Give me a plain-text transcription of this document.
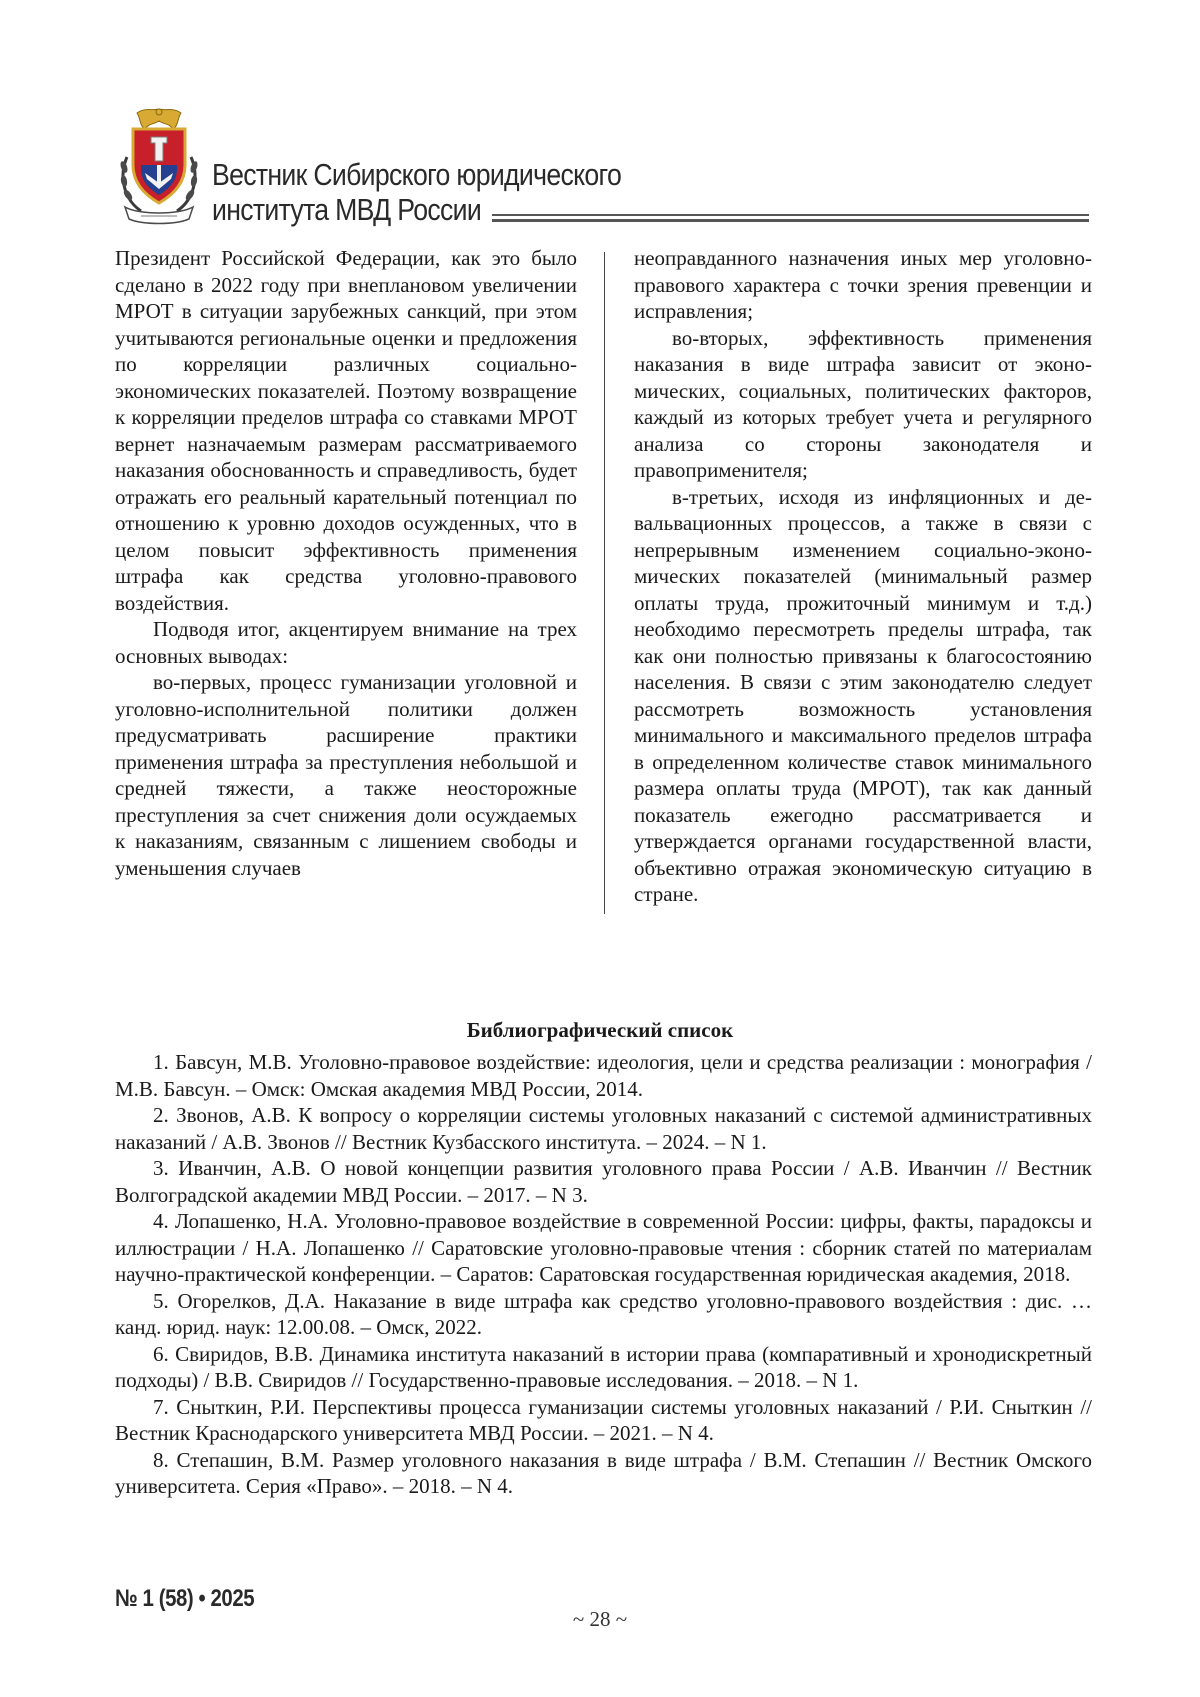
Вестник Сибирского юридического
института МВД России

Президент Российской Федерации, как это было сделано в 2022 году при внеплановом увеличении МРОТ в ситуации зарубежных санкций, при этом учитываются региональные оценки и предложения по корреляции различных социально-экономических показателей. Поэтому возвращение к корреляции пределов штрафа со ставками МРОТ вернет назначаемым размерам рассматриваемого наказания обоснованность и справедливость, будет отражать его реальный карательный потенциал по отношению к уровню доходов осужденных, что в целом повысит эффективность применения штрафа как средства уголовно-правового воздействия.

Подводя итог, акцентируем внимание на трех основных выводах:

во-первых, процесс гуманизации уголовной и уголовно-исполнительной политики должен предусматривать расширение практики применения штрафа за преступления небольшой и средней тяжести, а также неосторожные преступления за счет снижения доли осуждаемых к наказаниям, связанным с лишением свободы и уменьшения случаев

неоправданного назначения иных мер уголовно-правового характера с точки зрения превенции и исправления;

во-вторых, эффективность применения наказания в виде штрафа зависит от экономических, социальных, политических факторов, каждый из которых требует учета и регулярного анализа со стороны законодателя и правоприменителя;

в-третьих, исходя из инфляционных и девальвационных процессов, а также в связи с непрерывным изменением социально-экономических показателей (минимальный размер оплаты труда, прожиточный минимум и т.д.) необходимо пересмотреть пределы штрафа, так как они полностью привязаны к благосостоянию населения. В связи с этим законодателю следует рассмотреть возможность установления минимального и максимального пределов штрафа в определенном количестве ставок минимального размера оплаты труда (МРОТ), так как данный показатель ежегодно рассматривается и утверждается органами государственной власти, объективно отражая экономическую ситуацию в стране.

Библиографический список

1. Бавсун, М.В. Уголовно-правовое воздействие: идеология, цели и средства реализации : монография / М.В. Бавсун. – Омск: Омская академия МВД России, 2014.

2. Звонов, А.В. К вопросу о корреляции системы уголовных наказаний с системой административных наказаний / А.В. Звонов // Вестник Кузбасского института. – 2024. – N 1.

3. Иванчин, А.В. О новой концепции развития уголовного права России / А.В. Иванчин // Вестник Волгоградской академии МВД России. – 2017. – N 3.

4. Лопашенко, Н.А. Уголовно-правовое воздействие в современной России: цифры, факты, парадоксы и иллюстрации / Н.А. Лопашенко // Саратовские уголовно-правовые чтения : сборник статей по материалам научно-практической конференции. – Саратов: Саратовская государственная юридическая академия, 2018.

5. Огорелков, Д.А. Наказание в виде штрафа как средство уголовно-правового воздействия : дис. … канд. юрид. наук: 12.00.08. – Омск, 2022.

6. Свиридов, В.В. Динамика института наказаний в истории права (компаративный и хронодискретный подходы) / В.В. Свиридов // Государственно-правовые исследования. – 2018. – N 1.

7. Сныткин, Р.И. Перспективы процесса гуманизации системы уголовных наказаний / Р.И. Сныткин // Вестник Краснодарского университета МВД России. – 2021. – N 4.

8. Степашин, В.М. Размер уголовного наказания в виде штрафа / В.М. Степашин // Вестник Омского университета. Серия «Право». – 2018. – N 4.

№ 1 (58) • 2025
~ 28 ~
